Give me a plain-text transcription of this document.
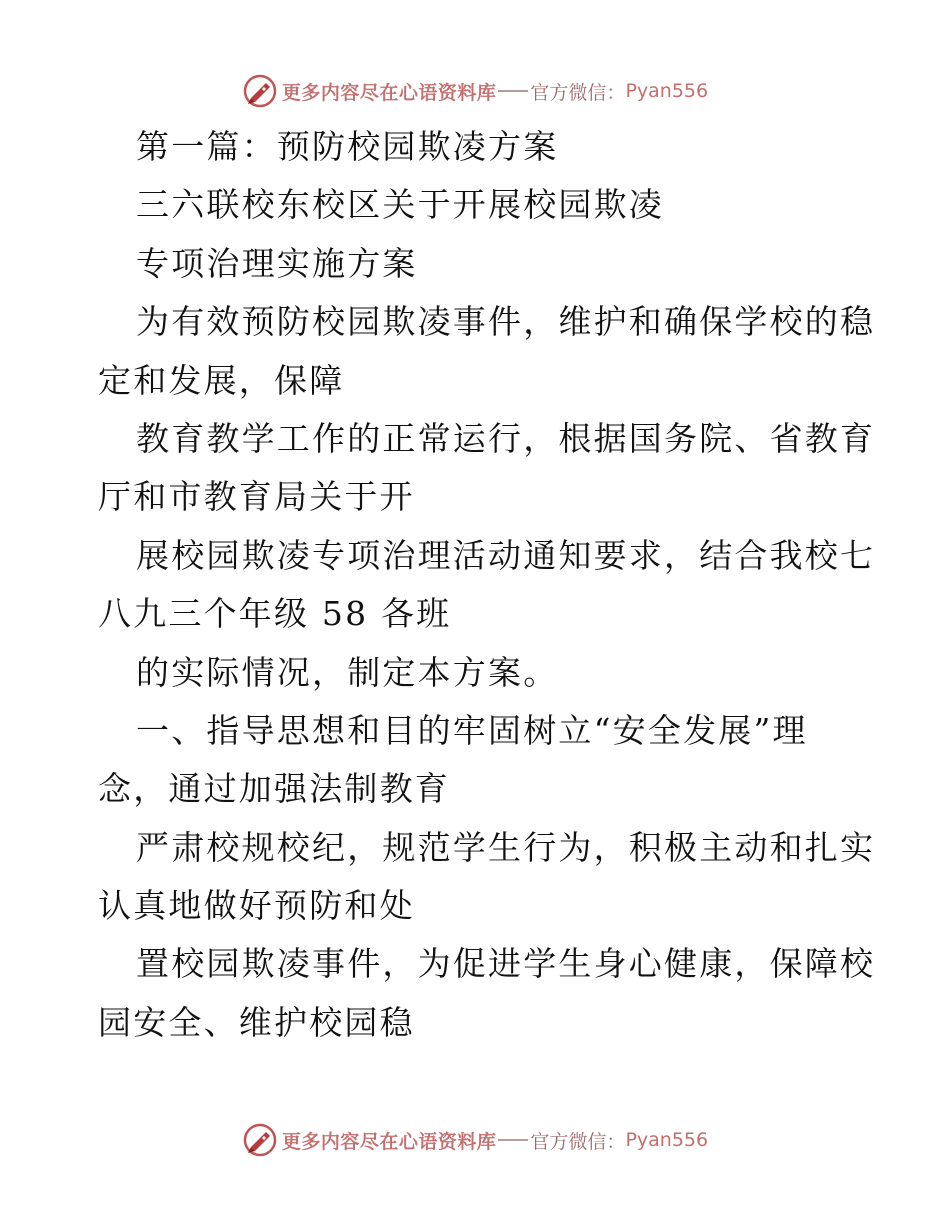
更多内容尽在心语资料库 官方微信： Pyan556
第一篇：预防校园欺凌方案
三六联校东校区关于开展校园欺凌
专项治理实施方案
为有效预防校园欺凌事件，维护和确保学校的稳
定和发展，保障
教育教学工作的正常运行，根据国务院、省教育
厅和市教育局关于开
展校园欺凌专项治理活动通知要求，结合我校七
八九三个年级 58 各班
的实际情况，制定本方案。
一、指导思想和目的牢固树立“安全发展”理
念，通过加强法制教育
严肃校规校纪，规范学生行为，积极主动和扎实
认真地做好预防和处
置校园欺凌事件，为促进学生身心健康，保障校
园安全、维护校园稳
更多内容尽在心语资料库 官方微信： Pyan556
